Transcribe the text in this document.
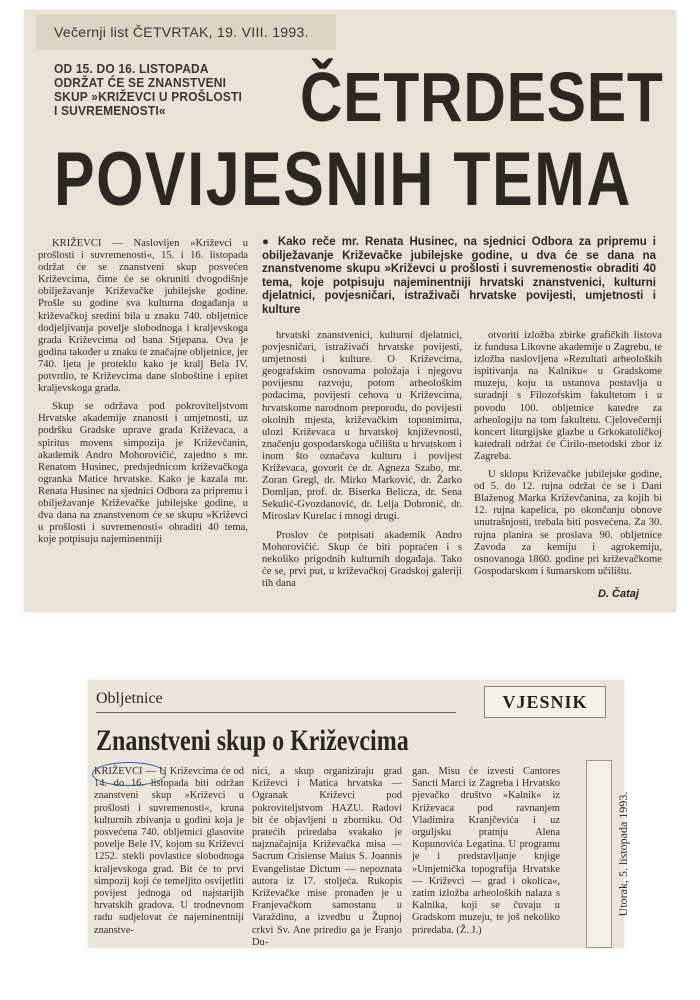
Večernji list ČETVRTAK, 19. VIII. 1993.
OD 15. DO 16. LISTOPADA ODRŽAT ĆE SE ZNANSTVENI SKUP »KRIŽEVCI U PROŠLOSTI I SUVREMENOSTI«	ČETRDESET
POVIJESNIH TEMA

KRIŽEVCI — Naslovljen »Križevci u prošlosti i suvremenosti«, 15. i 16. listopada održat će se znanstveni skup posvećen Križevcima, čime će se okruniti dvogodišnje obilježavanje Križevačke jubilejske godine. Prošle su godine sva kulturna događanja u križevačkoj sredini bila u znaku 740. obljetnice dodjeljivanja povelje slobodnoga i kraljevskoga grada Križevcima od bana Stjepana. Ova je godina također u znaku te značajne obljetnice, jer 740. ljeta je proteklo kako je kralj Bela IV. potvrdio, te Križevcima dane sloboštine i epitet kraljevskoga grada.

Skup se održava pod pokroviteljstvom Hrvatske akademije znanosti i umjetnosti, uz podršku Gradske uprave grada Križevaca, a spiritus movens simpozija je Križevčanin, akademik Andro Mohorovičić, zajedno s mr. Renatom Husinec, predsjednicom križevačkoga ogranka Matice hrvatske. Kako je kazala mr. Renata Husinec na sjednici Odbora za pripremu i obilježavanje Križevačke jubilejske godine, u dva dana na znanstvenom će se skupu »Križevci u prošlosti i suvremenosti« obraditi 40 tema, koje potpisuju najeminentniji

● Kako reče mr. Renata Husinec, na sjednici Odbora za pripremu i obilježavanje Križevačke jubilejske godine, u dva će se dana na znanstvenome skupu »Križevci u prošlosti i suvremenosti« obraditi 40 tema, koje potpisuju najeminentniji hrvatski znanstvenici, kulturni djelatnici, povjesničari, istraživači hrvatske povijesti, umjetnosti i kulture

hrvatski znanstvenici, kulturni djelatnici, povjesničari, istraživači hrvatske povijesti, umjetnosti i kulture. O Križevcima, geografskim osnovama položaja i njegovu povijesnu razvoju, potom arheološkim podacima, povijesti cehova u Križevcima, hrvatskome narodnom preporodu, do povijesti okolnih mjesta, križevačkim toponimima, ulozi Križevaca u hrvatskoj književnosti, značenju gospodarskoga učilišta u hrvatskom i inom što označava kulturu i povijest Križevaca, govorit će dr. Agneza Szabo, mr. Zoran Gregl, dr. Mirko Marković, dr. Žarko Domljan, prof. dr. Biserka Belicza, dr. Sena Sekulić-Gvozdanović, dr. Lelja Dobronić, dr. Miroslav Kurelac i mnogi drugi.

Proslov će potpisati akademik Andro Mohorovičić. Skup će biti popraćen i s nekoliko prigodnih kulturnih događaja. Tako će se, prvi put, u križevačkoj Gradskoj galeriji tih dana

otvoriti izložba zbirke grafičkih listova iz fundusa Likovne akademije u Zagrebu, te izložba naslovljena »Rezultati arheoloških ispitivanja na Kalniku« u Gradskome muzeju, koju ta ustanova postavlja u suradnji s Filozofskim fakultetom i u povodu 100. obljetnice katedre za arheologiju na tom fakultetu. Cjelovečernji koncert liturgijske glazbe u Grkokatoličkoj katedrali održat će Ćirilo-metodski zbor iz Zagreba.

U sklopu Križevačke jubilejske godine, od 5. do 12. rujna održat će se i Dani Blaženog Marka Križevčanina, za kojih bi 12. rujna kapelica, po okončanju obnove unutrašnjosti, trebala biti posvećena. Za 30. rujna planira se proslava 90. obljetnice Zavoda za kemiju i agrokemiju, osnovanoga 1860. godine pri križevačkome Gospodarskom i šumarskom učilištu.

D. Čataj
Obljetnice	VJESNIK
Znanstveni skup o Križevcima
KRIŽEVCI — U Križevcima će od 14. do 16. listopada biti održan znanstveni skup »Križevci u prošlosti i suvremenosti«, kruna kulturnih zbivanja u godini koja je posvećena 740. obljetnici glasovite povelje Bele IV, kojom su Križevci 1252. stekli povlastice slobodnoga kraljevskoga grad. Bit će to prvi simpozij koji će temeljito osvijetliti povijest jednoga od najstarijih hrvatskih gradova. U trodnevnom radu sudjelovat će najeminentniji znanstve-
nici, a skup organiziraju grad Križevci i Matica hrvatska — Ogranak Križevci pod pokroviteljstvom HAZU. Radovi bit će objavljeni u zborniku. Od pratećih priredaba svakako je najznačajnija Križevačka misa — Sacrum Crisiense Maius S. Joannis Evangelistae Dictum — nepoznata autora iz 17. stoljeća. Rukopis Križevačke mise pronađen je u Franjevačkom samostanu u Varaždinu, a izvedbu u Župnoj crkvi Sv. Ane priredio ga je Franjo Du-
gan. Misu će izvesti Cantores Sancti Marci iz Zagreba i Hrvatsko pjevačko društvo »Kalnik« iz Križevaca pod ravnanjem Vladimira Kranjčevića i uz orguljsku pratnju Alena Kopunovića Legatina. U programu je i predstavljanje knjige »Umjetnička topografija Hrvatske — Križevci — grad i okolica«, zatim izložba arheoloških nalaza s Kalnika, koji se čuvaju u Gradskom muzeju, te još nekoliko priredaba. (Ž. J.)
Utorak, 5. listopada 1993.
